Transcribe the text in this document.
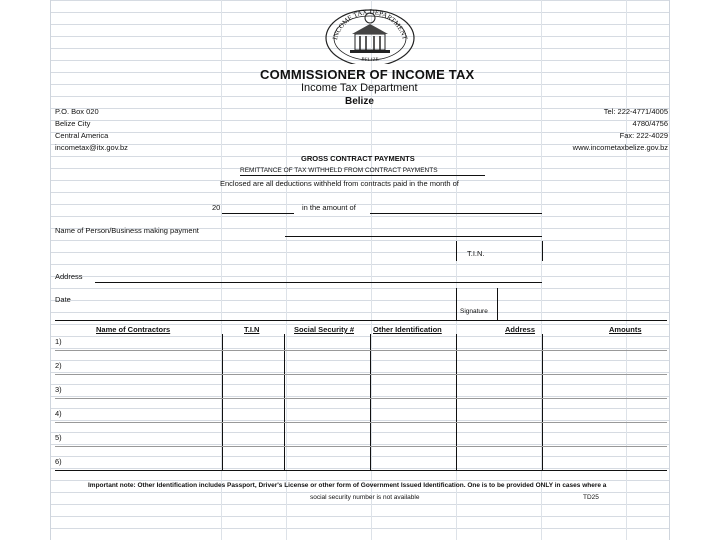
INCOME TAX DEPARTMENT
BELIZE
COMMISSIONER OF INCOME TAX
Income Tax Department
Belize
P.O. Box 020
Belize City
Central America
incometax@itx.gov.bz
Tel: 222-4771/4005
4780/4756
Fax: 222-4029
www.incometaxbelize.gov.bz
GROSS CONTRACT PAYMENTS
REMITTANCE OF TAX WITHHELD FROM CONTRACT PAYMENTS
Enclosed are all deductions withheld from contracts paid in the month of
20	in the amount of
Name of Person/Business making payment
T.I.N.
Address
Date
Signature
Name of Contractors	T.I.N	Social Security #	Other Identification	Address	Amounts
1)
2)
3)
4)
5)
6)
Important note: Other Identification includes Passport, Driver's License or other form of Government Issued Identification. One is to be provided ONLY in cases where a
social security number is not available	TD25
